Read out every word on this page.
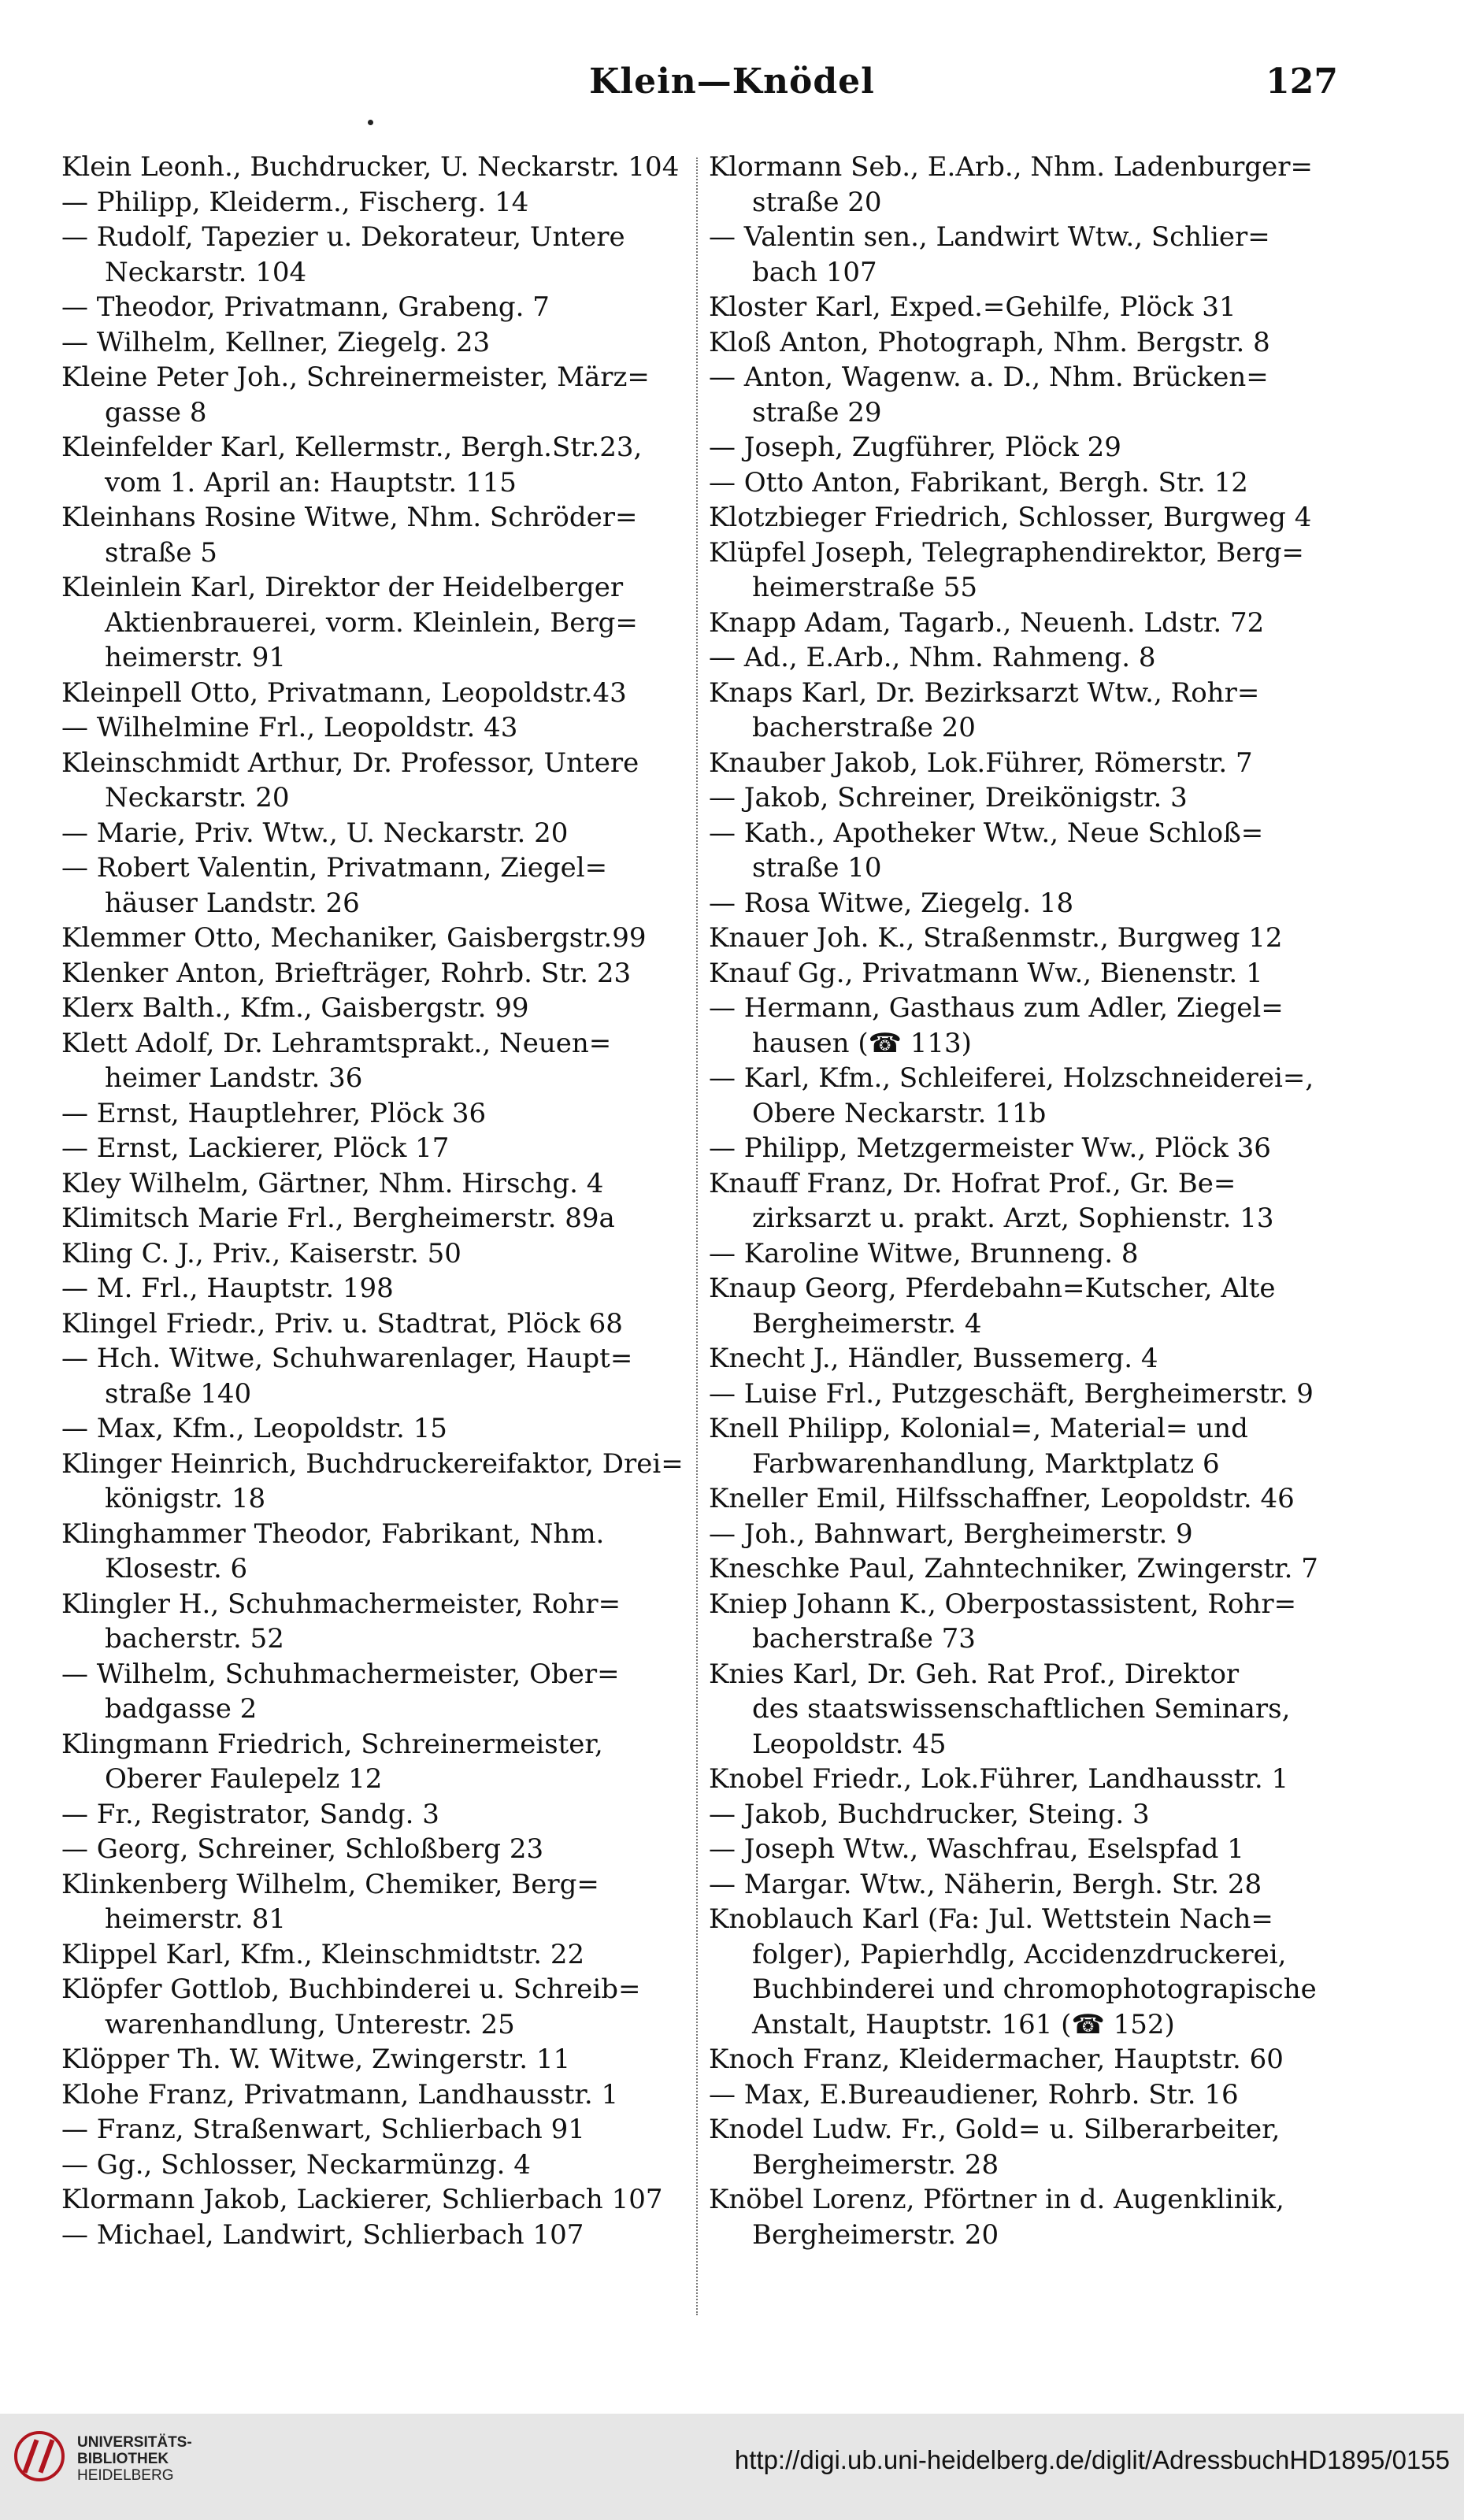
Klein—Knödel	127
Klein Leonh., Buchdrucker, U. Neckarstr. 104
— Philipp, Kleiderm., Fischerg. 14
— Rudolf, Tapezier u. Dekorateur, Untere
Neckarstr. 104
— Theodor, Privatmann, Grabeng. 7
— Wilhelm, Kellner, Ziegelg. 23
Kleine Peter Joh., Schreinermeister, März=
gasse 8
Kleinfelder Karl, Kellermstr., Bergh.Str.23,
vom 1. April an: Hauptstr. 115
Kleinhans Rosine Witwe, Nhm. Schröder=
straße 5
Kleinlein Karl, Direktor der Heidelberger
Aktienbrauerei, vorm. Kleinlein, Berg=
heimerstr. 91
Kleinpell Otto, Privatmann, Leopoldstr.43
— Wilhelmine Frl., Leopoldstr. 43
Kleinschmidt Arthur, Dr. Professor, Untere
Neckarstr. 20
— Marie, Priv. Wtw., U. Neckarstr. 20
— Robert Valentin, Privatmann, Ziegel=
häuser Landstr. 26
Klemmer Otto, Mechaniker, Gaisbergstr.99
Klenker Anton, Briefträger, Rohrb. Str. 23
Klerx Balth., Kfm., Gaisbergstr. 99
Klett Adolf, Dr. Lehramtsprakt., Neuen=
heimer Landstr. 36
— Ernst, Hauptlehrer, Plöck 36
— Ernst, Lackierer, Plöck 17
Kley Wilhelm, Gärtner, Nhm. Hirschg. 4
Klimitsch Marie Frl., Bergheimerstr. 89a
Kling C. J., Priv., Kaiserstr. 50
— M. Frl., Hauptstr. 198
Klingel Friedr., Priv. u. Stadtrat, Plöck 68
— Hch. Witwe, Schuhwarenlager, Haupt=
straße 140
— Max, Kfm., Leopoldstr. 15
Klinger Heinrich, Buchdruckereifaktor, Drei=
königstr. 18
Klinghammer Theodor, Fabrikant, Nhm.
Klosestr. 6
Klingler H., Schuhmachermeister, Rohr=
bacherstr. 52
— Wilhelm, Schuhmachermeister, Ober=
badgasse 2
Klingmann Friedrich, Schreinermeister,
Oberer Faulepelz 12
— Fr., Registrator, Sandg. 3
— Georg, Schreiner, Schloßberg 23
Klinkenberg Wilhelm, Chemiker, Berg=
heimerstr. 81
Klippel Karl, Kfm., Kleinschmidtstr. 22
Klöpfer Gottlob, Buchbinderei u. Schreib=
warenhandlung, Unterestr. 25
Klöpper Th. W. Witwe, Zwingerstr. 11
Klohe Franz, Privatmann, Landhausstr. 1
— Franz, Straßenwart, Schlierbach 91
— Gg., Schlosser, Neckarmünzg. 4
Klormann Jakob, Lackierer, Schlierbach 107
— Michael, Landwirt, Schlierbach 107
Klormann Seb., E.Arb., Nhm. Ladenburger=
straße 20
— Valentin sen., Landwirt Wtw., Schlier=
bach 107
Kloster Karl, Exped.=Gehilfe, Plöck 31
Kloß Anton, Photograph, Nhm. Bergstr. 8
— Anton, Wagenw. a. D., Nhm. Brücken=
straße 29
— Joseph, Zugführer, Plöck 29
— Otto Anton, Fabrikant, Bergh. Str. 12
Klotzbieger Friedrich, Schlosser, Burgweg 4
Klüpfel Joseph, Telegraphendirektor, Berg=
heimerstraße 55
Knapp Adam, Tagarb., Neuenh. Ldstr. 72
— Ad., E.Arb., Nhm. Rahmeng. 8
Knaps Karl, Dr. Bezirksarzt Wtw., Rohr=
bacherstraße 20
Knauber Jakob, Lok.Führer, Römerstr. 7
— Jakob, Schreiner, Dreikönigstr. 3
— Kath., Apotheker Wtw., Neue Schloß=
straße 10
— Rosa Witwe, Ziegelg. 18
Knauer Joh. K., Straßenmstr., Burgweg 12
Knauf Gg., Privatmann Ww., Bienenstr. 1
— Hermann, Gasthaus zum Adler, Ziegel=
hausen (☎ 113)
— Karl, Kfm., Schleiferei, Holzschneiderei=,
Obere Neckarstr. 11b
— Philipp, Metzgermeister Ww., Plöck 36
Knauff Franz, Dr. Hofrat Prof., Gr. Be=
zirksarzt u. prakt. Arzt, Sophienstr. 13
— Karoline Witwe, Brunneng. 8
Knaup Georg, Pferdebahn=Kutscher, Alte
Bergheimerstr. 4
Knecht J., Händler, Bussemerg. 4
— Luise Frl., Putzgeschäft, Bergheimerstr. 9
Knell Philipp, Kolonial=, Material= und
Farbwarenhandlung, Marktplatz 6
Kneller Emil, Hilfsschaffner, Leopoldstr. 46
— Joh., Bahnwart, Bergheimerstr. 9
Kneschke Paul, Zahntechniker, Zwingerstr. 7
Kniep Johann K., Oberpostassistent, Rohr=
bacherstraße 73
Knies Karl, Dr. Geh. Rat Prof., Direktor
des staatswissenschaftlichen Seminars,
Leopoldstr. 45
Knobel Friedr., Lok.Führer, Landhausstr. 1
— Jakob, Buchdrucker, Steing. 3
— Joseph Wtw., Waschfrau, Eselspfad 1
— Margar. Wtw., Näherin, Bergh. Str. 28
Knoblauch Karl (Fa: Jul. Wettstein Nach=
folger), Papierhdlg, Accidenzdruckerei,
Buchbinderei und chromophotograpische
Anstalt, Hauptstr. 161 (☎ 152)
Knoch Franz, Kleidermacher, Hauptstr. 60
— Max, E.Bureaudiener, Rohrb. Str. 16
Knodel Ludw. Fr., Gold= u. Silberarbeiter,
Bergheimerstr. 28
Knöbel Lorenz, Pförtner in d. Augenklinik,
Bergheimerstr. 20
UNIVERSITÄTS-
BIBLIOTHEK
HEIDELBERG
http://digi.ub.uni-heidelberg.de/diglit/AdressbuchHD1895/0155
